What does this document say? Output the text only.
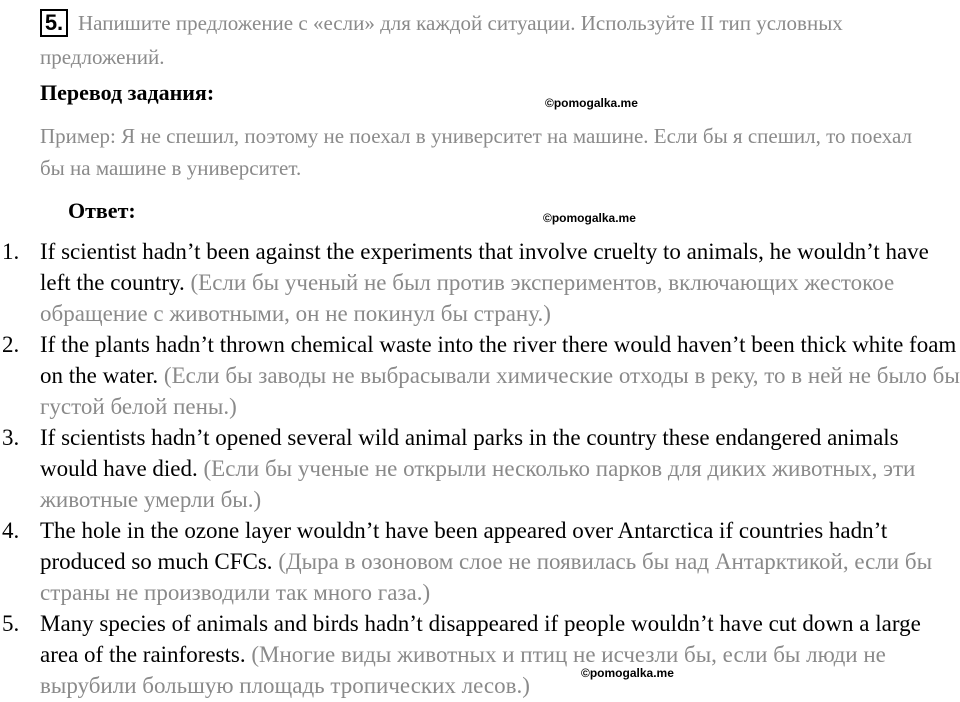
5. Напишите предложение с «если» для каждой ситуации. Используйте II тип условных предложений.
Перевод задания:	©pomogalka.me
Пример: Я не спешил, поэтому не поехал в университет на машине. Если бы я спешил, то поехал бы на машине в университет.
Ответ:	©pomogalka.me
1. If scientist hadn’t been against the experiments that involve cruelty to animals, he wouldn’t have left the country. (Если бы ученый не был против экспериментов, включающих жестокое обращение с животными, он не покинул бы страну.)
2. If the plants hadn’t thrown chemical waste into the river there would haven’t been thick white foam on the water. (Если бы заводы не выбрасывали химические отходы в реку, то в ней не было бы густой белой пены.)
3. If scientists hadn’t opened several wild animal parks in the country these endangered animals would have died. (Если бы ученые не открыли несколько парков для диких животных, эти животные умерли бы.)
4. The hole in the ozone layer wouldn’t have been appeared over Antarctica if countries hadn’t produced so much CFCs. (Дыра в озоновом слое не появилась бы над Антарктикой, если бы страны не производили так много газа.)
5. Many species of animals and birds hadn’t disappeared if people wouldn’t have cut down a large area of the rainforests. (Многие виды животных и птиц не исчезли бы, если бы люди не вырубили большую площадь тропических лесов.)	©pomogalka.me
